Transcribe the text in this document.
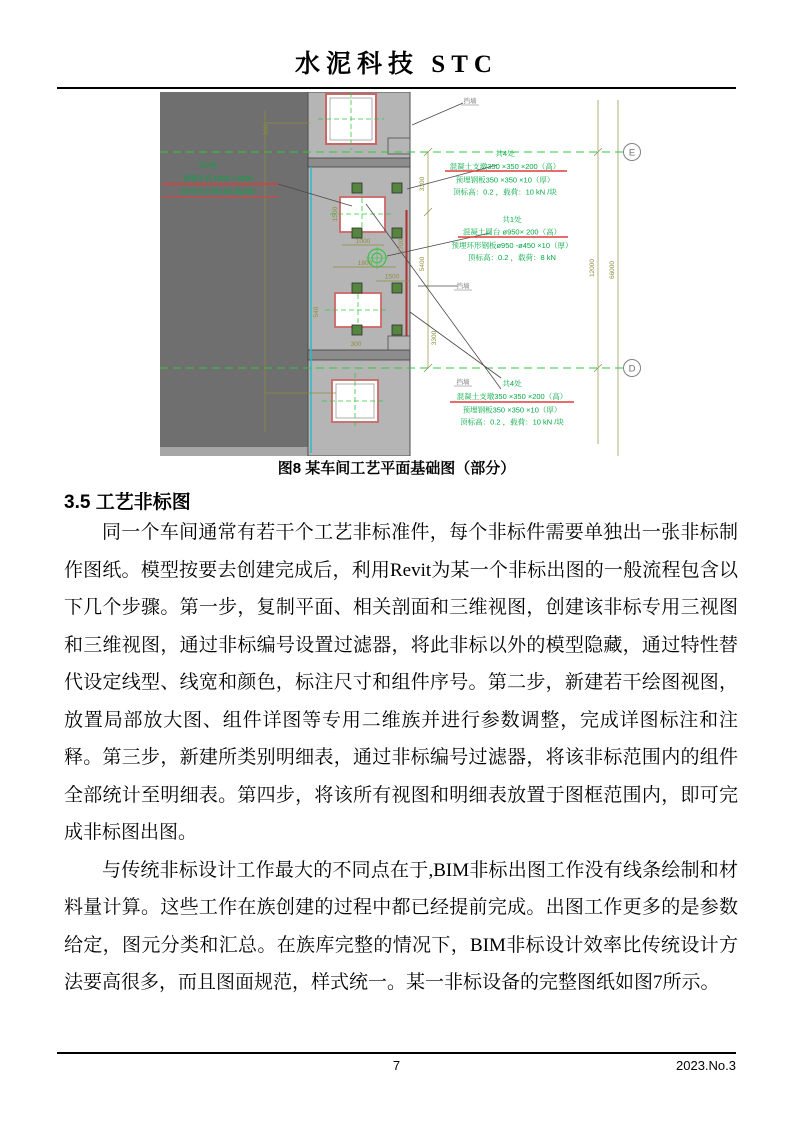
水泥科技 STC
挡墙
挡墙
挡墙
共2处
预留方孔1000 ×1500
防水凸台宽150 高200
共4处
混凝土支墩350 ×350 ×200（高）
预埋钢板350 ×350 ×10（厚）
顶标高：0.2 ，载荷：10 kN /块
共1处
混凝土圆台 ø950× 200（高）
预埋环形钢板ø950 -ø450 ×10（厚）
顶标高：0.2 ，载荷：8 kN
共4处
混凝土支墩350 ×350 ×200（高）
预埋钢板350 ×350 ×10（厚）
顶标高：0.2 ，载荷：10 kN /块
1500
1000
1800
2700
3300
5400
1500
540
3300
12000 66000
300
300
E
D
图8 某车间工艺平面基础图（部分）
3.5 工艺非标图

同一个车间通常有若干个工艺非标准件，每个非标件需要单独出一张非标制作图纸。模型按要去创建完成后，利用Revit为某一个非标出图的一般流程包含以下几个步骤。第一步，复制平面、相关剖面和三维视图，创建该非标专用三视图和三维视图，通过非标编号设置过滤器，将此非标以外的模型隐藏，通过特性替代设定线型、线宽和颜色，标注尺寸和组件序号。第二步，新建若干绘图视图，放置局部放大图、组件详图等专用二维族并进行参数调整，完成详图标注和注释。第三步，新建所类别明细表，通过非标编号过滤器，将该非标范围内的组件全部统计至明细表。第四步，将该所有视图和明细表放置于图框范围内，即可完成非标图出图。

与传统非标设计工作最大的不同点在于,BIM非标出图工作没有线条绘制和材料量计算。这些工作在族创建的过程中都已经提前完成。出图工作更多的是参数给定，图元分类和汇总。在族库完整的情况下，BIM非标设计效率比传统设计方法要高很多，而且图面规范，样式统一。某一非标设备的完整图纸如图7所示。

7	2023.No.3
